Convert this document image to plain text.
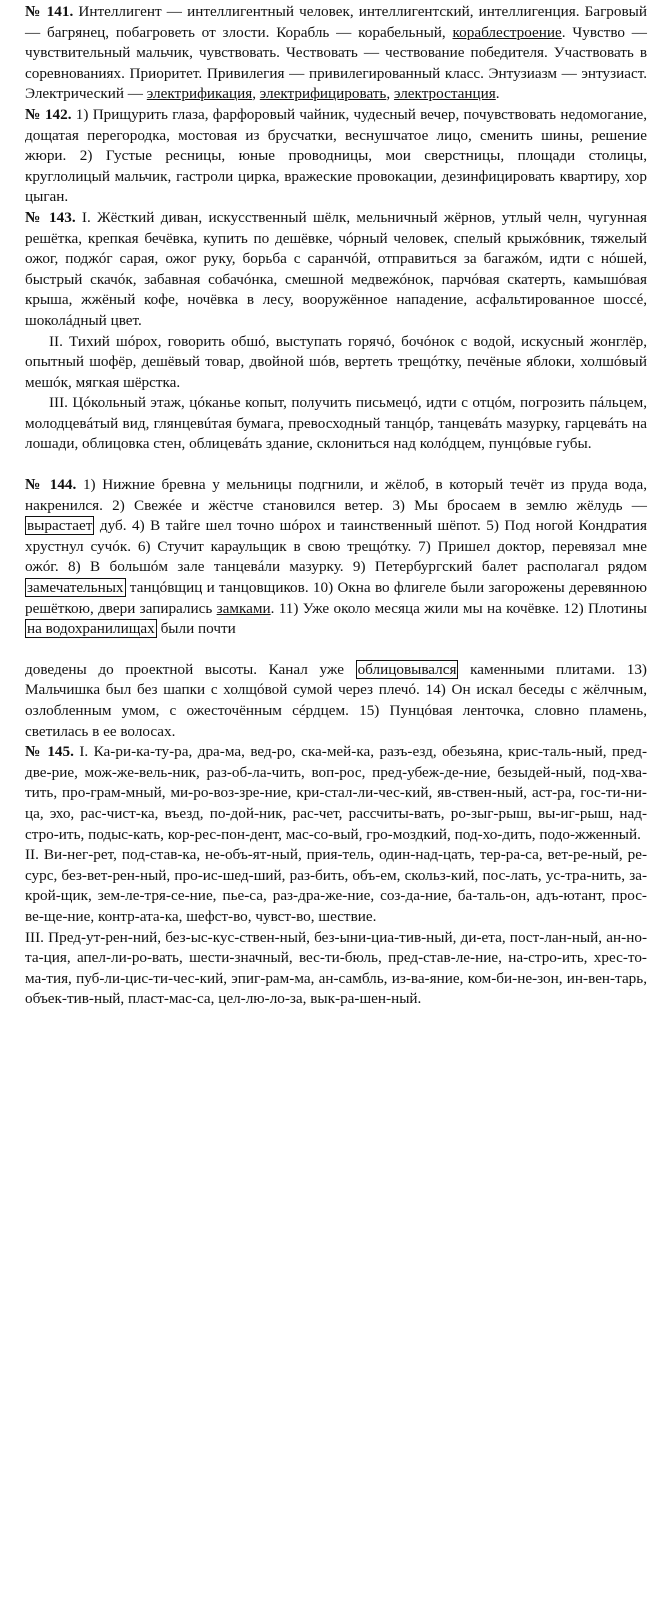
№ 141. Интеллигент — интеллигентный человек, интеллигентский, интеллигенция. Багровый — багрянец, побагроветь от злости. Корабль — корабельный, кораблестроение. Чувство — чувствительный мальчик, чувствовать. Чествовать — чествование победителя. Участвовать в соревнованиях. Приоритет. Привилегия — привилегированный класс. Энтузиазм — энтузиаст. Электрический — электрификация, электрифицировать, электростанция.

№ 142. 1) Прищурить глаза, фарфоровый чайник, чудесный вечер, почувствовать недомогание, дощатая перегородка, мостовая из брусчатки, веснушчатое лицо, сменить шины, решение жюри. 2) Густые ресницы, юные проводницы, мои сверстницы, площади столицы, круглолицый мальчик, гастроли цирка, вражеские провокации, дезинфицировать квартиру, хор цыган.

№ 143. I. Жёсткий диван, искусственный шёлк, мельничный жёрнов, утлый челн, чугунная решётка, крепкая бечёвка, купить по дешёвке, чópный человек, спелый крыжóвник, тяжелый ожог, поджóг сарая, ожог руку, борьба с саранчóй, отправиться за багажóм, идти с нóшей, быстрый скачóк, забавная собачóнка, смешной медвежóнок, парчóвая скатерть, камышóвая крыша, жжёный кофе, ночёвка в лесу, вооружённое нападение, асфальтированное шоссé, шоколáдный цвет.

II. Тихий шóрох, говорить обшó, выступать горячó, бочóнок с водой, искусный жонглёр, опытный шофёр, дешёвый товар, двойной шóв, вертеть трещóтку, печёные яблоки, холшóвый мешóк, мягкая шёрстка.

III. Цóкольный этаж, цóканье копыт, получить письмецó, идти с отцóм, погрозить пáльцем, молодцевáтый вид, глянцевúтая бумага, превосходный танцóр, танцевáть мазурку, гарцевáть на лошади, облицовка стен, облицевáть здание, склониться над колóдцем, пунцóвые губы.

№ 144. 1) Нижние бревна у мельницы подгнили, и жёлоб, в который течёт из пруда вода, накренился. 2) Свежéе и жёстче становился ветер. 3) Мы бросаем в землю жёлудь — вырастает дуб. 4) В тайге шел точно шóрох и таинственный шёпот. 5) Под ногой Кондратия хрустнул сучóк. 6) Стучит караульщик в свою трещóтку. 7) Пришел доктор, перевязал мне ожóг. 8) В большóм зале танцевáли мазурку. 9) Петербургский балет располагал рядом замечательных танцóвщиц и танцовщиков. 10) Окна во флигеле были загорожены деревянною решёткою, двери запирались замками. 11) Уже около месяца жили мы на кочёвке. 12) Плотины на водохранилищах были почти

доведены до проектной высоты. Канал уже облицовывался каменными плитами. 13) Мальчишка был без шапки с холщóвой сумой через плечó. 14) Он искал беседы с жёлчным, озлобленным умом, с ожесточённым сéрдцем. 15) Пунцóвая ленточка, словно пламень, светилась в ее волосах.

№ 145. I. Ка-ри-ка-ту-ра, дра-ма, вед-ро, ска-мей-ка, разъ-езд, обезьяна, крис-таль-ный, пред-две-рие, мож-же-вель-ник, раз-об-ла-чить, воп-рос, пред-убеж-де-ние, безыдей-ный, под-хва-тить, про-грам-мный, ми-ро-воз-зре-ние, кри-стал-ли-чес-кий, яв-ствен-ный, аст-ра, гос-ти-ни-ца, эхо, рас-чист-ка, въезд, по-дой-ник, рас-чет, рассчиты-вать, ро-зыг-рыш, вы-иг-рыш, над-стро-ить, подыс-кать, кор-рес-пон-дент, мас-со-вый, гро-моздкий, под-хо-дить, подо-жженный.

II. Ви-нег-рет, под-став-ка, не-объ-ят-ный, прия-тель, один-над-цать, тер-ра-са, вет-ре-ный, ре-сурс, без-вет-рен-ный, про-ис-шед-ший, раз-бить, объ-ем, скольз-кий, пос-лать, ус-тра-нить, за-крой-щик, зем-ле-тря-се-ние, пье-са, раз-дра-же-ние, соз-да-ние, ба-таль-он, адъ-ютант, прос-ве-ще-ние, контр-ата-ка, шефст-во, чувст-во, шествие.

III. Пред-ут-рен-ний, без-ыс-кус-ствен-ный, без-ыни-циа-тив-ный, ди-ета, пост-лан-ный, ан-но-та-ция, апел-ли-ро-вать, шести-значный, вес-ти-бюль, пред-став-ле-ние, на-стро-ить, хрес-то-ма-тия, пуб-ли-цис-ти-чес-кий, эпиг-рам-ма, ан-самбль, из-ва-яние, ком-би-не-зон, ин-вен-тарь, объек-тив-ный, пласт-мас-са, цел-лю-ло-за, вык-ра-шен-ный.
